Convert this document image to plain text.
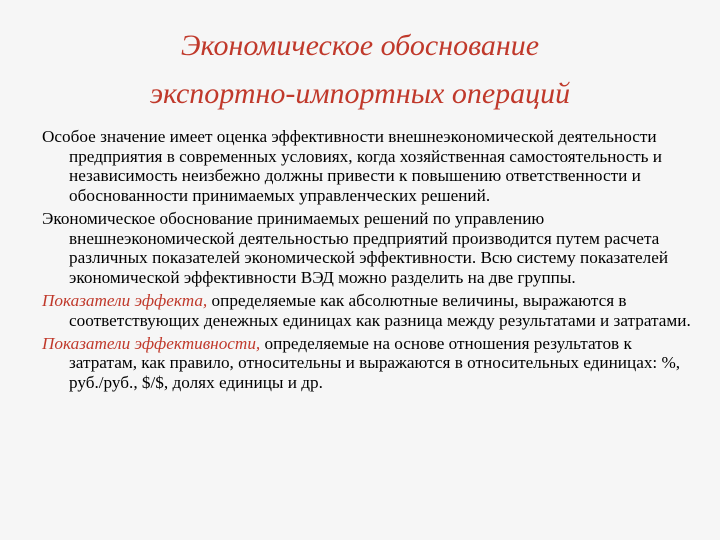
Экономическое обоснование
экспортно-импортных операций

Особое значение имеет оценка эффективности внешнеэкономической деятельности предприятия в современных условиях, когда хозяйственная самостоятельность и независимость неизбежно должны привести к повышению ответственности и обоснованности принимаемых управленческих решений.

Экономическое обоснование принимаемых решений по управлению внешнеэкономической деятельностью предприятий производится путем расчета различных показателей экономической эффективности. Всю систему показателей экономической эффективности ВЭД можно разделить на две группы.

Показатели эффекта, определяемые как абсолютные величины, выражаются в соответствующих денежных единицах как разница между результатами и затратами.

Показатели эффективности, определяемые на основе отношения результатов к затратам, как правило, относительны и выражаются в относительных единицах: %, руб./руб., $/$, долях единицы и др.
